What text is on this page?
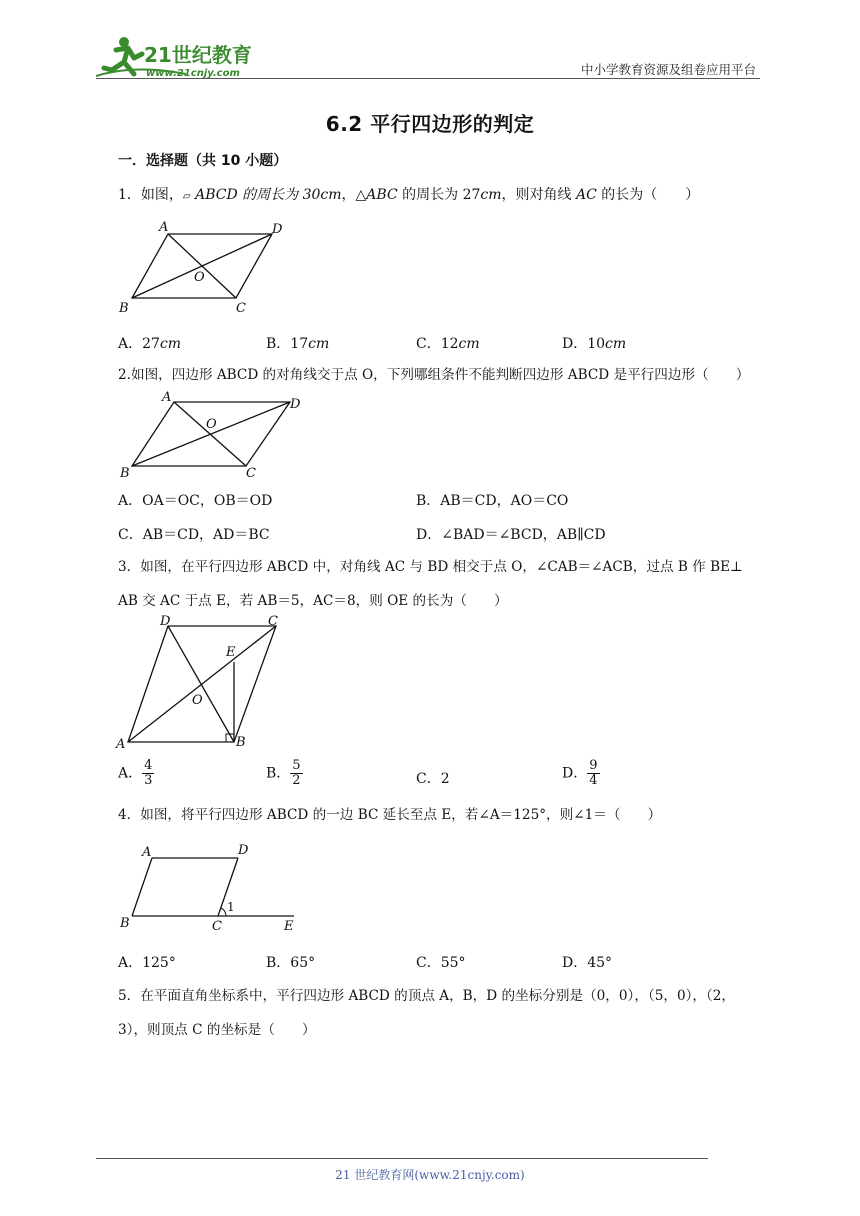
21世纪教育
www.21cnjy.com	中小学教育资源及组卷应用平台
6.2 平行四边形的判定
一．选择题（共 10 小题）
1．如图，▱ ABCD 的周长为 30cm，△ABC 的周长为 27cm，则对角线 AC 的长为（　　）
A	D
O
B	C
A．27cm	B．17cm	C．12cm	D．10cm
2.如图，四边形 ABCD 的对角线交于点 O，下列哪组条件不能判断四边形 ABCD 是平行四边形（　　）
A	D
O
B	C
A．OA＝OC，OB＝OD	B．AB＝CD，AO＝CO
C．AB＝CD，AD＝BC	D．∠BAD＝∠BCD，AB∥CD
3．如图，在平行四边形 ABCD 中，对角线 AC 与 BD 相交于点 O，∠CAB＝∠ACB，过点 B 作 BE⊥
AB 交 AC 于点 E，若 AB＝5，AC＝8，则 OE 的长为（　　）
D	C
E
O
A	B
A． $\frac{4}{3}$	B． $\frac{5}{2}$	C．2	D． $\frac{9}{4}$
4．如图，将平行四边形 ABCD 的一边 BC 延长至点 E，若∠A＝125°，则∠1＝（　　）
A	D
1
B	C	E
A．125°	B．65°	C．55°	D．45°
5．在平面直角坐标系中，平行四边形 ABCD 的顶点 A，B，D 的坐标分别是（0，0），（5，0），（2，
3），则顶点 C 的坐标是（　　）
21 世纪教育网(www.21cnjy.com)
